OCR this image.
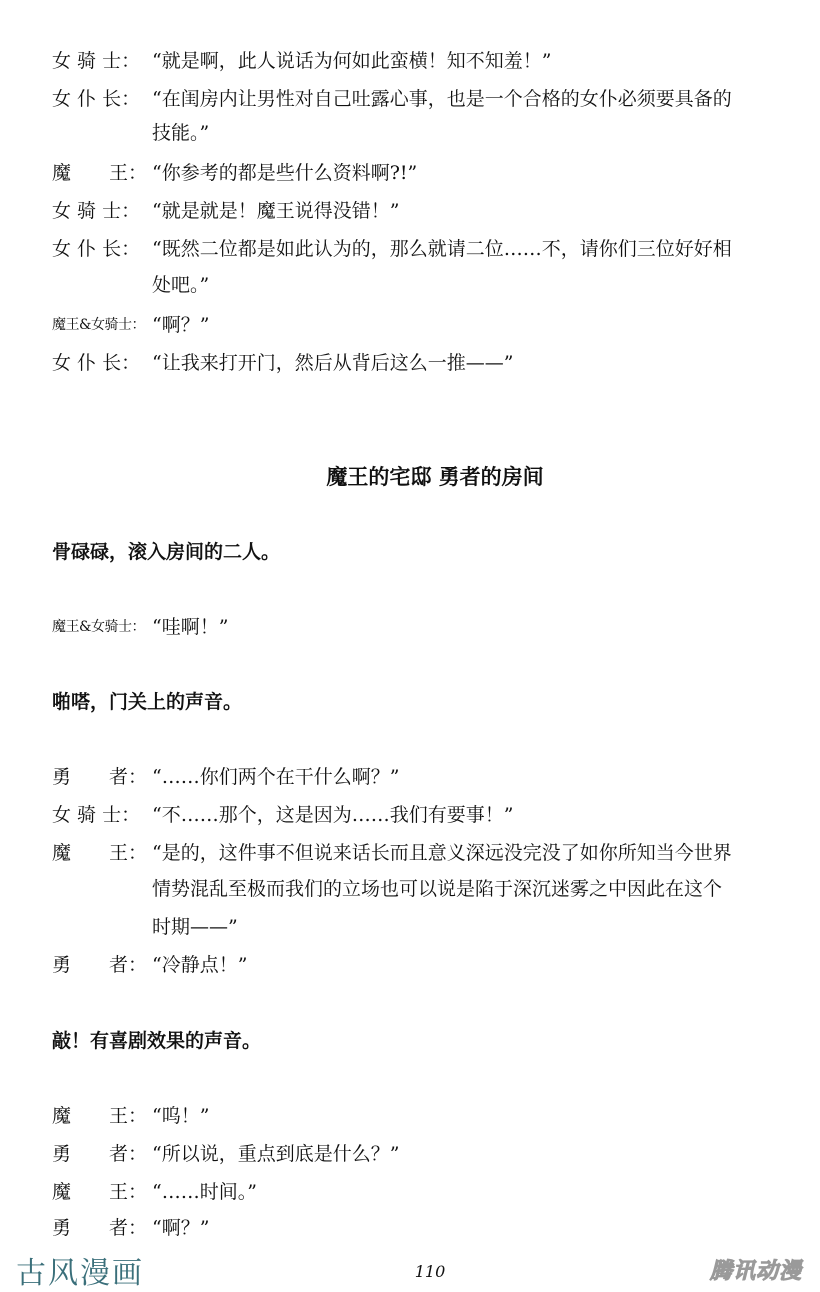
女 骑 士： “就是啊，此人说话为何如此蛮横！知不知羞！”
女 仆 长： “在闺房内让男性对自己吐露心事，也是一个合格的女仆必须要具备的
技能。”
魔　　王： “你参考的都是些什么资料啊?!”
女 骑 士： “就是就是！魔王说得没错！”
女 仆 长： “既然二位都是如此认为的，那么就请二位……不，请你们三位好好相
处吧。”
魔王&女骑士： “啊？”
女 仆 长： “让我来打开门，然后从背后这么一推——”
魔王的宅邸 勇者的房间
骨碌碌，滚入房间的二人。
魔王&女骑士： “哇啊！”
啪嗒，门关上的声音。
勇　　者： “……你们两个在干什么啊？”
女 骑 士： “不……那个，这是因为……我们有要事！”
魔　　王： “是的，这件事不但说来话长而且意义深远没完没了如你所知当今世界
情势混乱至极而我们的立场也可以说是陷于深沉迷雾之中因此在这个
时期——”
勇　　者： “冷静点！”
敲！有喜剧效果的声音。
魔　　王： “呜！”
勇　　者： “所以说，重点到底是什么？”
魔　　王： “……时间。”
勇　　者： “啊？”
古风漫画	110	腾讯动漫
